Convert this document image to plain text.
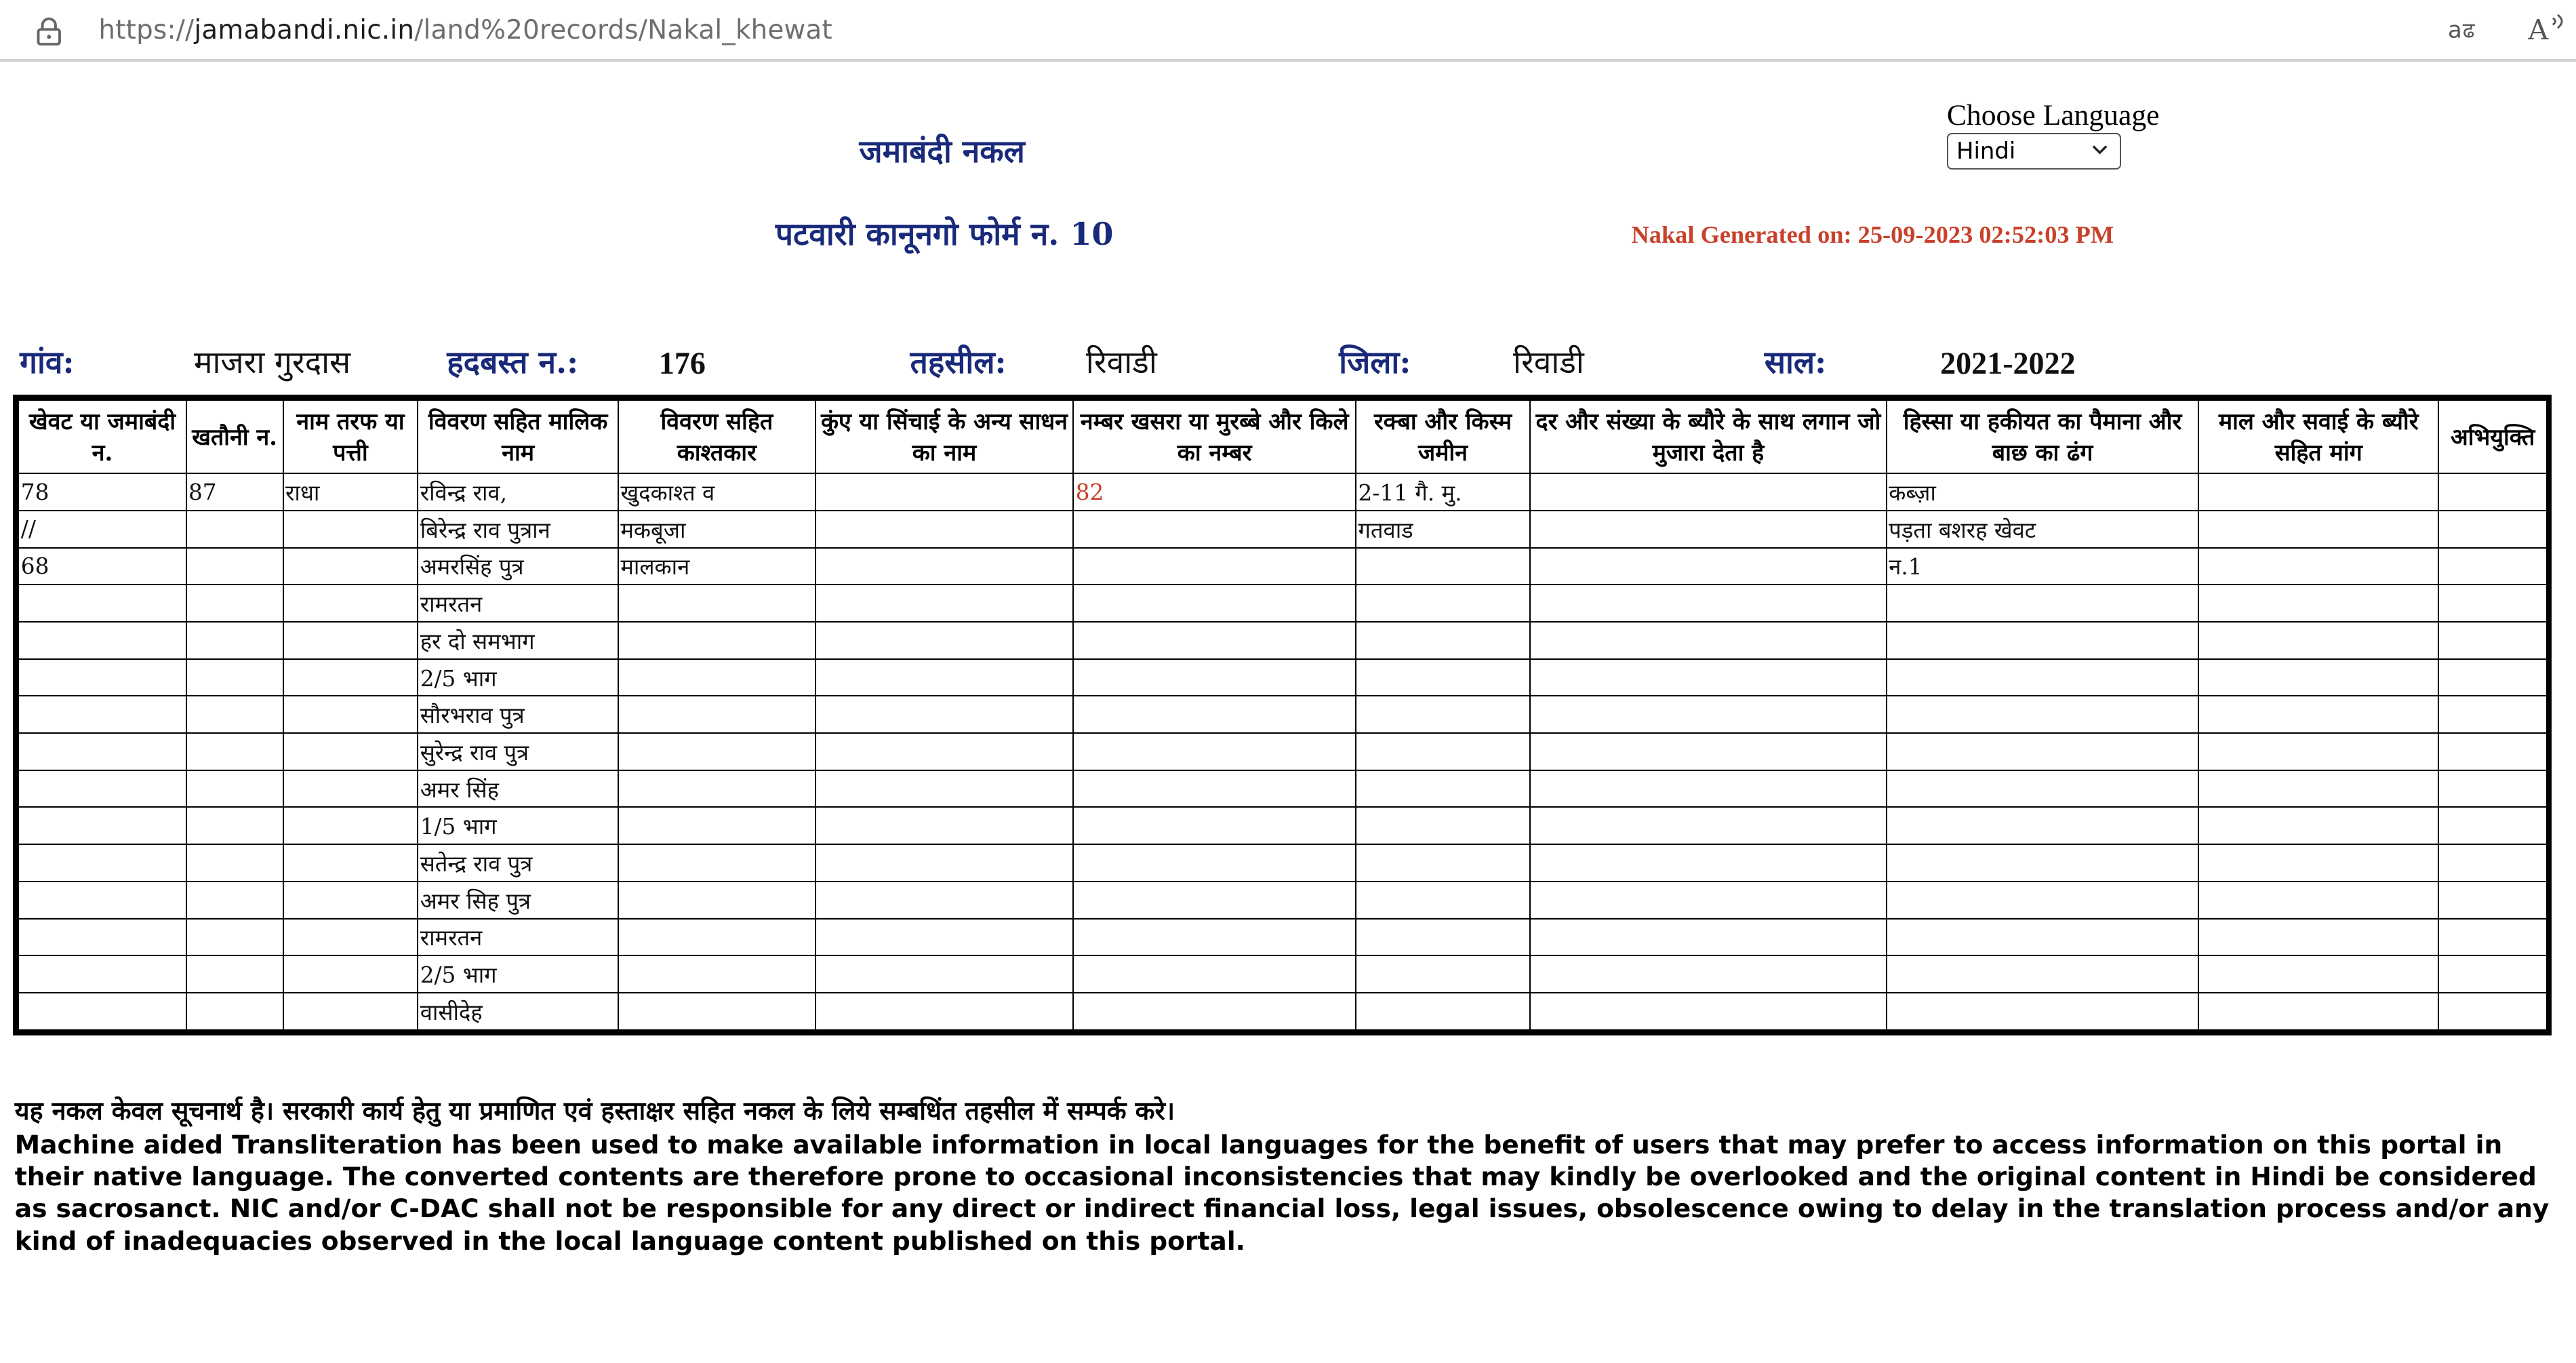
https://jamabandi.nic.in/land%20records/Nakal_khewat	a ढ	A
जमाबंदी नकल
पटवारी कानूनगो फोर्म न. 10
Choose Language
Hindi
Nakal Generated on: 25-09-2023 02:52:03 PM
गांव:	माजरा गुरदास	हदबस्त न.:	176	तहसील:	रिवाडी	जिला:	रिवाडी	साल:	2021-2022
खेवट या जमाबंदी न.	खतौनी न.	नाम तरफ या पत्ती	विवरण सहित मालिक नाम	विवरण सहित काश्तकार	कुंए या सिंचाई के अन्य साधन का नाम	नम्बर खसरा या मुरब्बे और किले का नम्बर	रक्बा और किस्म जमीन	दर और संख्या के ब्यौरे के साथ लगान जो मुजारा देता है	हिस्सा या हकीयत का पैमाना और बाछ का ढंग	माल और सवाई के ब्यौरे सहित मांग	अभियुक्ति
78	87	राधा	रविन्द्र राव,	खुदकाश्त व		82	2-11 गै. मु.		कब्ज़ा		
//			बिरेन्द्र राव पुत्रान	मकबूजा			गतवाड		पड़ता बशरह खेवट		
68			अमरसिंह पुत्र	मालकान					न.1		
			रामरतन								
			हर दो समभाग								
			2/5 भाग								
			सौरभराव पुत्र								
			सुरेन्द्र राव पुत्र								
			अमर सिंह								
			1/5 भाग								
			सतेन्द्र राव पुत्र								
			अमर सिह पुत्र								
			रामरतन								
			2/5 भाग								
			वासीदेह								
यह नकल केवल सूचनार्थ है। सरकारी कार्य हेतु या प्रमाणित एवं हस्ताक्षर सहित नकल के लिये सम्बधिंत तहसील में सम्पर्क करे।
Machine aided Transliteration has been used to make available information in local languages for the benefit of users that may prefer to access information on this portal in their native language. The converted contents are therefore prone to occasional inconsistencies that may kindly be overlooked and the original content in Hindi be considered as sacrosanct. NIC and/or C-DAC shall not be responsible for any direct or indirect financial loss, legal issues, obsolescence owing to delay in the translation process and/or any kind of inadequacies observed in the local language content published on this portal.
